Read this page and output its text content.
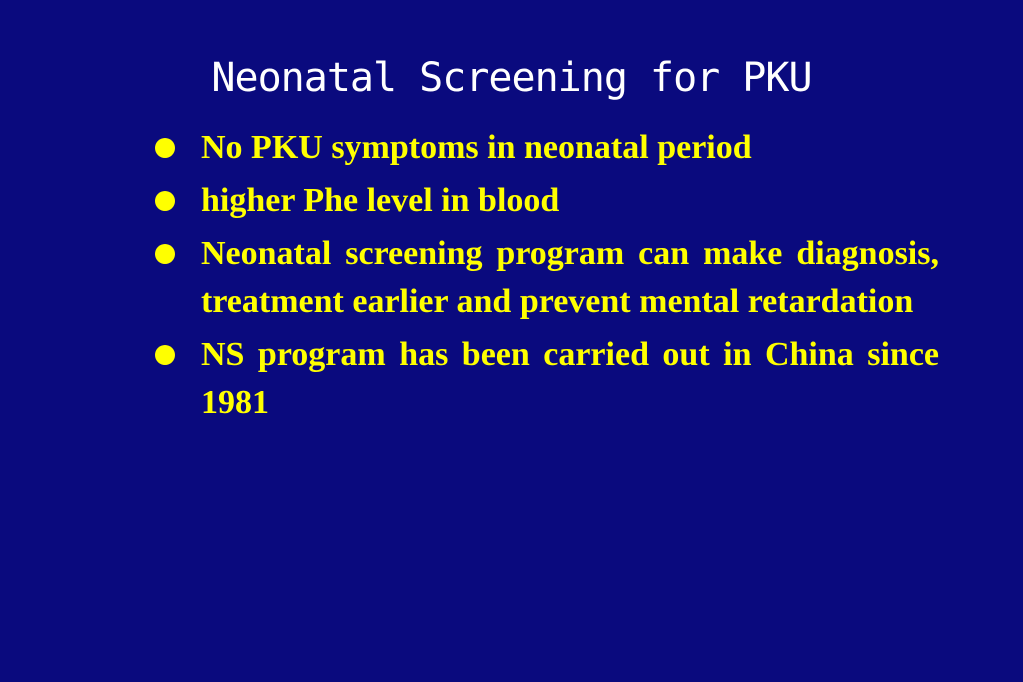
Neonatal Screening for PKU
No PKU symptoms in neonatal period
higher Phe level in blood
Neonatal screening program can make diagnosis, treatment earlier and prevent mental retardation
NS program has been carried out in China since 1981
